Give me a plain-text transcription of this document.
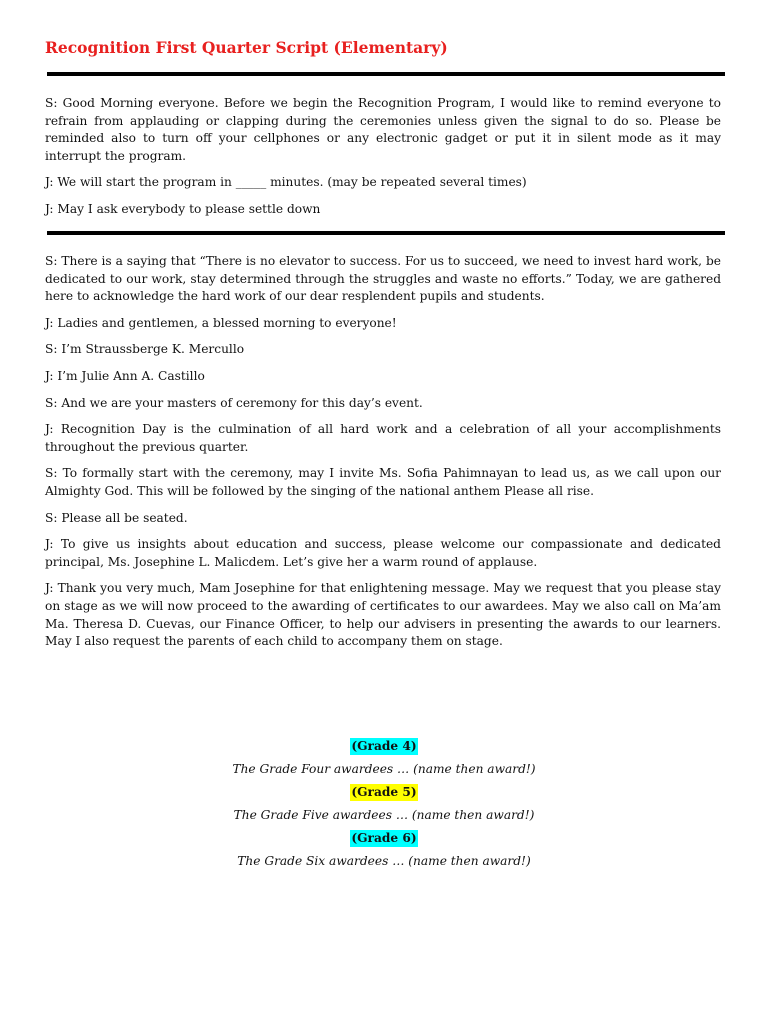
Recognition First Quarter Script (Elementary)

S: Good Morning everyone. Before we begin the Recognition Program, I would like to remind everyone to refrain from applauding or clapping during the ceremonies unless given the signal to do so. Please be reminded also to turn off your cellphones or any electronic gadget or put it in silent mode as it may interrupt the program.

J: We will start the program in _____ minutes. (may be repeated several times)

J: May I ask everybody to please settle down

S: There is a saying that “There is no elevator to success. For us to succeed, we need to invest hard work, be dedicated to our work, stay determined through the struggles and waste no efforts.” Today, we are gathered here to acknowledge the hard work of our dear resplendent pupils and students.

J: Ladies and gentlemen, a blessed morning to everyone!

S: I’m Straussberge K. Mercullo

J: I’m Julie Ann A. Castillo

S: And we are your masters of ceremony for this day’s event.

J: Recognition Day is the culmination of all hard work and a celebration of all your accomplishments throughout the previous quarter.

S: To formally start with the ceremony, may I invite Ms. Sofia Pahimnayan to lead us, as we call upon our Almighty God. This will be followed by the singing of the national anthem Please all rise.

S: Please all be seated.

J: To give us insights about education and success, please welcome our compassionate and dedicated principal, Ms. Josephine L. Malicdem. Let’s give her a warm round of applause.

J: Thank you very much, Mam Josephine for that enlightening message. May we request that you please stay on stage as we will now proceed to the awarding of certificates to our awardees. May we also call on Ma’am Ma. Theresa D. Cuevas, our Finance Officer, to help our advisers in presenting the awards to our learners. May I also request the parents of each child to accompany them on stage.

(Grade 4)
The Grade Four awardees … (name then award!)
(Grade 5)
The Grade Five awardees … (name then award!)
(Grade 6)
The Grade Six awardees … (name then award!)
